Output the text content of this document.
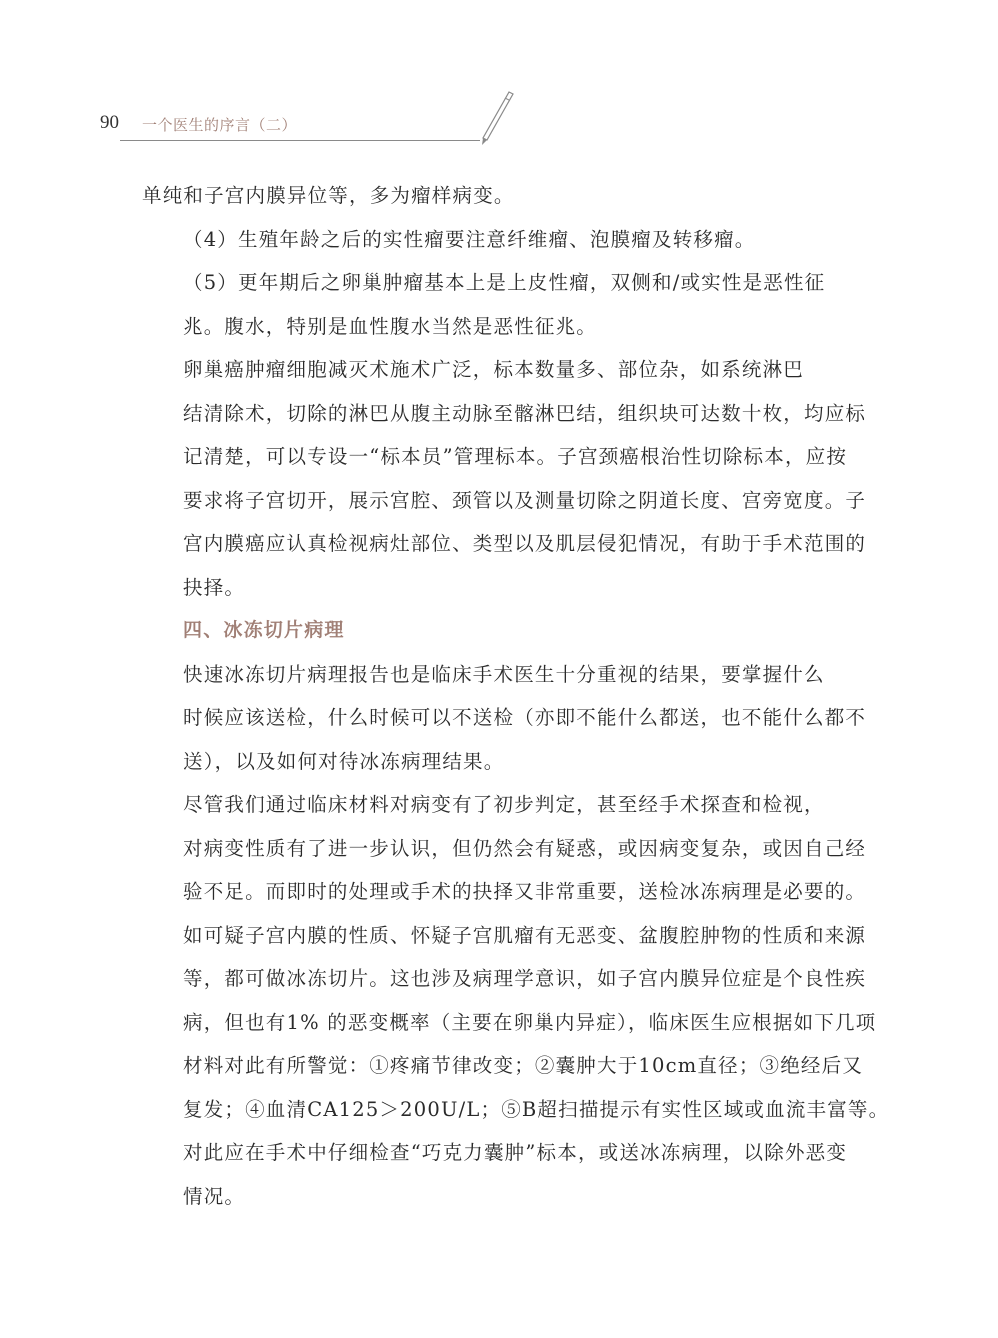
90 一个医生的序言（二）

单纯和子宫内膜异位等，多为瘤样病变。

（4）生殖年龄之后的实性瘤要注意纤维瘤、泡膜瘤及转移瘤。

（5）更年期后之卵巢肿瘤基本上是上皮性瘤，双侧和/或实性是恶性征
兆。腹水，特别是血性腹水当然是恶性征兆。

卵巢癌肿瘤细胞减灭术施术广泛，标本数量多、部位杂，如系统淋巴
结清除术，切除的淋巴从腹主动脉至髂淋巴结，组织块可达数十枚，均应标
记清楚，可以专设一“标本员”管理标本。子宫颈癌根治性切除标本，应按
要求将子宫切开，展示宫腔、颈管以及测量切除之阴道长度、宫旁宽度。子
宫内膜癌应认真检视病灶部位、类型以及肌层侵犯情况，有助于手术范围的
抉择。

四、冰冻切片病理

快速冰冻切片病理报告也是临床手术医生十分重视的结果，要掌握什么
时候应该送检，什么时候可以不送检（亦即不能什么都送，也不能什么都不
送），以及如何对待冰冻病理结果。

尽管我们通过临床材料对病变有了初步判定，甚至经手术探查和检视，
对病变性质有了进一步认识，但仍然会有疑惑，或因病变复杂，或因自己经
验不足。而即时的处理或手术的抉择又非常重要，送检冰冻病理是必要的。
如可疑子宫内膜的性质、怀疑子宫肌瘤有无恶变、盆腹腔肿物的性质和来源
等，都可做冰冻切片。这也涉及病理学意识，如子宫内膜异位症是个良性疾
病，但也有1% 的恶变概率（主要在卵巢内异症），临床医生应根据如下几项
材料对此有所警觉：①疼痛节律改变；②囊肿大于10cm直径；③绝经后又
复发；④血清CA125＞200U/L；⑤B超扫描提示有实性区域或血流丰富等。
对此应在手术中仔细检查“巧克力囊肿”标本，或送冰冻病理，以除外恶变
情况。
